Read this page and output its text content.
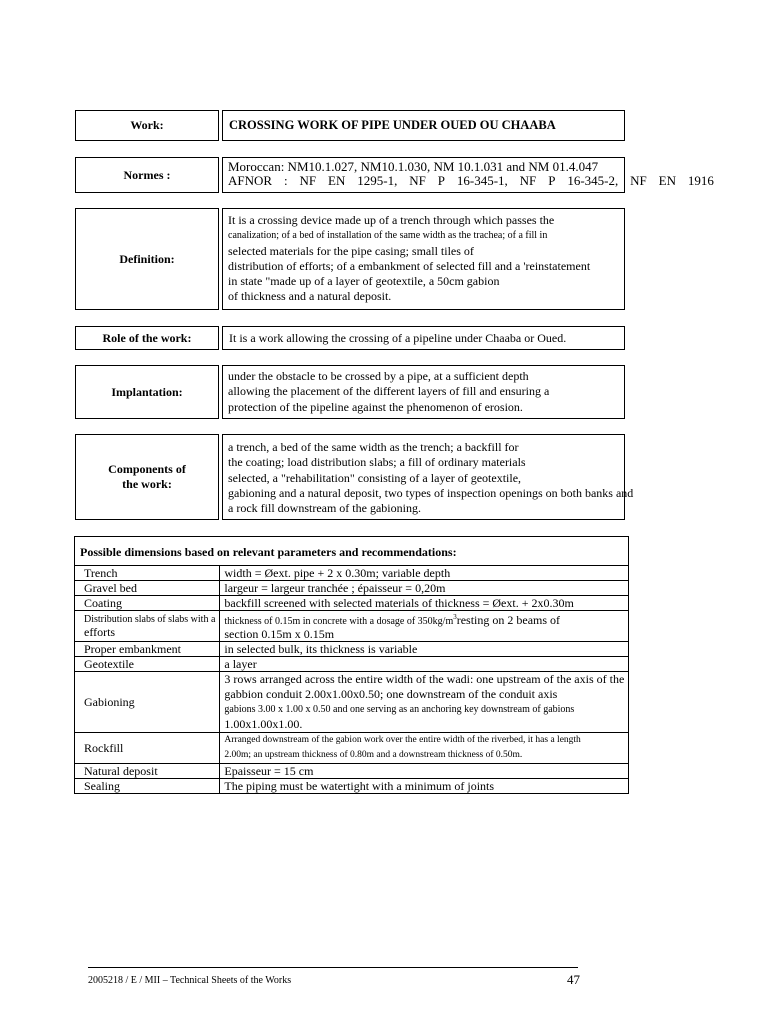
Work:	CROSSING WORK OF PIPE UNDER OUED OU CHAABA
Normes :
Moroccan: NM10.1.027, NM10.1.030, NM 10.1.031 and NM 01.4.047
AFNOR : NF EN 1295-1, NF P 16-345-1, NF P 16-345-2, NF EN 1916
Definition:
It is a crossing device made up of a trench through which passes the
canalization; of a bed of installation of the same width as the trachea; of a fill in
selected materials for the pipe casing; small tiles of
distribution of efforts; of a embankment of selected fill and a 'reinstatement
in state "made up of a layer of geotextile, a 50cm gabion
of thickness and a natural deposit.
Role of the work:	It is a work allowing the crossing of a pipeline under Chaaba or Oued.
Implantation:
under the obstacle to be crossed by a pipe, at a sufficient depth
allowing the placement of the different layers of fill and ensuring a
protection of the pipeline against the phenomenon of erosion.
Components of
the work:
a trench, a bed of the same width as the trench; a backfill for
the coating; load distribution slabs; a fill of ordinary materials
selected, a "rehabilitation" consisting of a layer of geotextile,
gabioning and a natural deposit, two types of inspection openings on both banks and
a rock fill downstream of the gabioning.
Possible dimensions based on relevant parameters and recommendations:	
Trench	width = Øext. pipe + 2 x 0.30m; variable depth
Gravel bed	largeur = largeur tranchée ; épaisseur = 0,20m
Coating	backfill screened with selected materials of thickness = Øext. + 2x0.30m

Distribution slabs of slabs with a
efforts	thickness of 0.15m in concrete with a dosage of $350kg/m^3resting$ on 2 beams of
section 0.15m x 0.15m

Proper embankment	in selected bulk, its thickness is variable
Geotextile	a layer
Gabioning	3 rows arranged across the entire width of the wadi: one upstream of the axis of the
gabbion conduit 2.00x1.00x0.50; one downstream of the conduit axis
gabions 3.00 x 1.00 x 0.50 and one serving as an anchoring key downstream of gabions
1.00x1.00x1.00.

Rockfill	Arranged downstream of the gabion work over the entire width of the riverbed, it has a length
2.00m; an upstream thickness of 0.80m and a downstream thickness of 0.50m.

Natural deposit	Epaisseur = 15 cm
Sealing	The piping must be watertight with a minimum of joints
2005218 / E / MII – Technical Sheets of the Works	47
